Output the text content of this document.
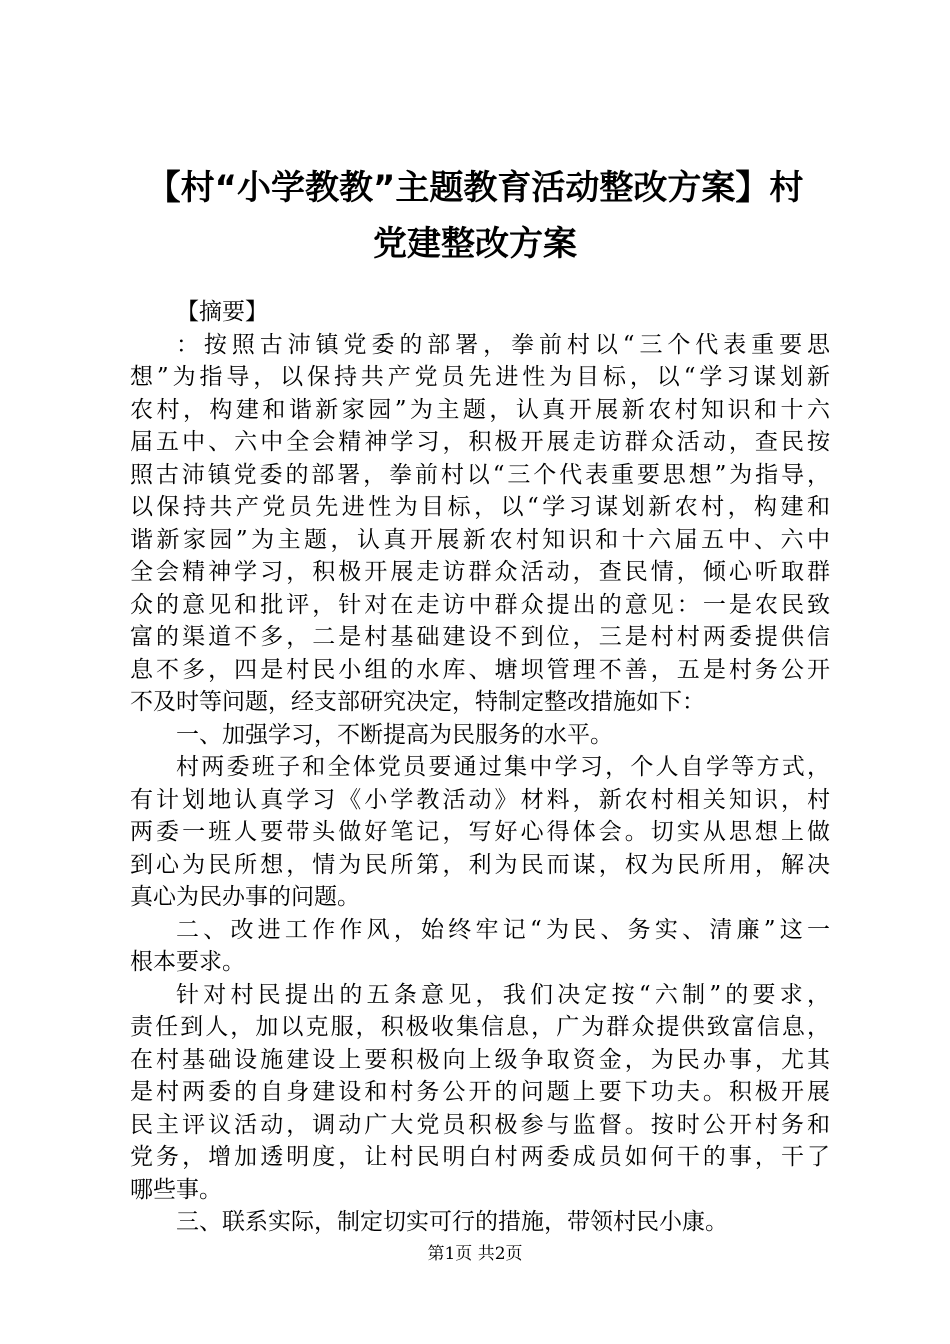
【村“小学教教”主题教育活动整改方案】村
党建整改方案
【摘要】
：按照古沛镇党委的部署，拳前村以“三个代表重要思
想”为指导，以保持共产党员先进性为目标，以“学习谋划新
农村，构建和谐新家园”为主题，认真开展新农村知识和十六
届五中、六中全会精神学习，积极开展走访群众活动，查民按
照古沛镇党委的部署，拳前村以“三个代表重要思想”为指导，
以保持共产党员先进性为目标，以“学习谋划新农村，构建和
谐新家园”为主题，认真开展新农村知识和十六届五中、六中
全会精神学习，积极开展走访群众活动，查民情，倾心听取群
众的意见和批评，针对在走访中群众提出的意见：一是农民致
富的渠道不多，二是村基础建设不到位，三是村村两委提供信
息不多，四是村民小组的水库、塘坝管理不善，五是村务公开
不及时等问题，经支部研究决定，特制定整改措施如下：
一、加强学习，不断提高为民服务的水平。
村两委班子和全体党员要通过集中学习，个人自学等方式，
有计划地认真学习《小学教活动》材料，新农村相关知识，村
两委一班人要带头做好笔记，写好心得体会。切实从思想上做
到心为民所想，情为民所第，利为民而谋，权为民所用，解决
真心为民办事的问题。
二、改进工作作风，始终牢记“为民、务实、清廉”这一
根本要求。
针对村民提出的五条意见，我们决定按“六制”的要求，
责任到人，加以克服，积极收集信息，广为群众提供致富信息，
在村基础设施建设上要积极向上级争取资金，为民办事，尤其
是村两委的自身建设和村务公开的问题上要下功夫。积极开展
民主评议活动，调动广大党员积极参与监督。按时公开村务和
党务，增加透明度，让村民明白村两委成员如何干的事，干了
哪些事。
三、联系实际，制定切实可行的措施，带领村民小康。
第1页 共2页
